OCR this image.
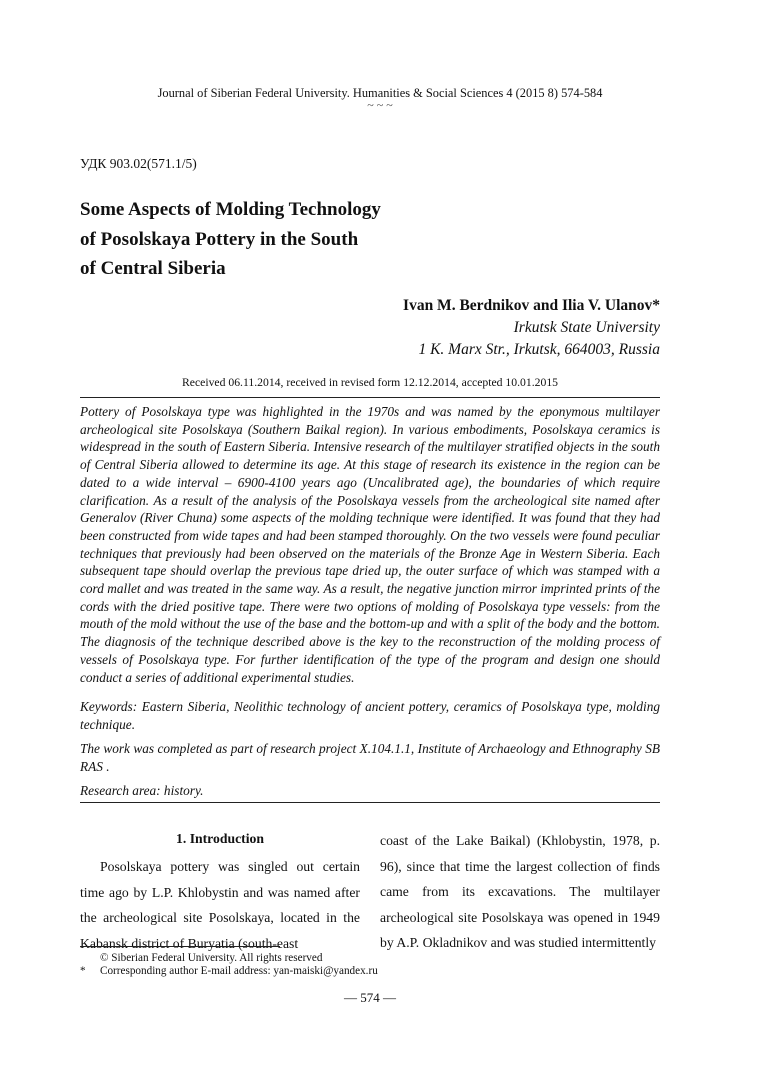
Journal of Siberian Federal University. Humanities & Social Sciences 4 (2015 8) 574-584
~ ~ ~
УДК 903.02(571.1/5)
Some Aspects of Molding Technology
of Posolskaya Pottery in the South
of Central Siberia
Ivan M. Berdnikov and Ilia V. Ulanov*
Irkutsk State University
1 K. Marx Str., Irkutsk, 664003, Russia
Received 06.11.2014, received in revised form 12.12.2014, accepted 10.01.2015
Pottery of Posolskaya type was highlighted in the 1970s and was named by the eponymous multilayer archeological site Posolskaya (Southern Baikal region). In various embodiments, Posolskaya ceramics is widespread in the south of Eastern Siberia. Intensive research of the multilayer stratified objects in the south of Central Siberia allowed to determine its age. At this stage of research its existence in the region can be dated to a wide interval – 6900-4100 years ago (Uncalibrated age), the boundaries of which require clarification. As a result of the analysis of the Posolskaya vessels from the archeological site named after Generalov (River Chuna) some aspects of the molding technique were identified. It was found that they had been constructed from wide tapes and had been stamped thoroughly. On the two vessels were found peculiar techniques that previously had been observed on the materials of the Bronze Age in Western Siberia. Each subsequent tape should overlap the previous tape dried up, the outer surface of which was stamped with a cord mallet and was treated in the same way. As a result, the negative junction mirror imprinted prints of the cords with the dried positive tape. There were two options of molding of Posolskaya type vessels: from the mouth of the mold without the use of the base and the bottom-up and with a split of the body and the bottom. The diagnosis of the technique described above is the key to the reconstruction of the molding process of vessels of Posolskaya type. For further identification of the type of the program and design one should conduct a series of additional experimental studies.
Keywords: Eastern Siberia, Neolithic technology of ancient pottery, ceramics of Posolskaya type, molding technique.
The work was completed as part of research project X.104.1.1, Institute of Archaeology and Ethnography SB RAS .
Research area: history.
1. Introduction
Posolskaya pottery was singled out certain time ago by L.P. Khlobystin and was named after the archeological site Posolskaya, located in the Kabansk district of Buryatia (south-east
coast of the Lake Baikal) (Khlobystin, 1978, p. 96), since that time the largest collection of finds came from its excavations. The multilayer archeological site Posolskaya was opened in 1949 by A.P. Okladnikov and was studied intermittently
© Siberian Federal University. All rights reserved
* Corresponding author E-mail address: yan-maiski@yandex.ru
— 574 —
